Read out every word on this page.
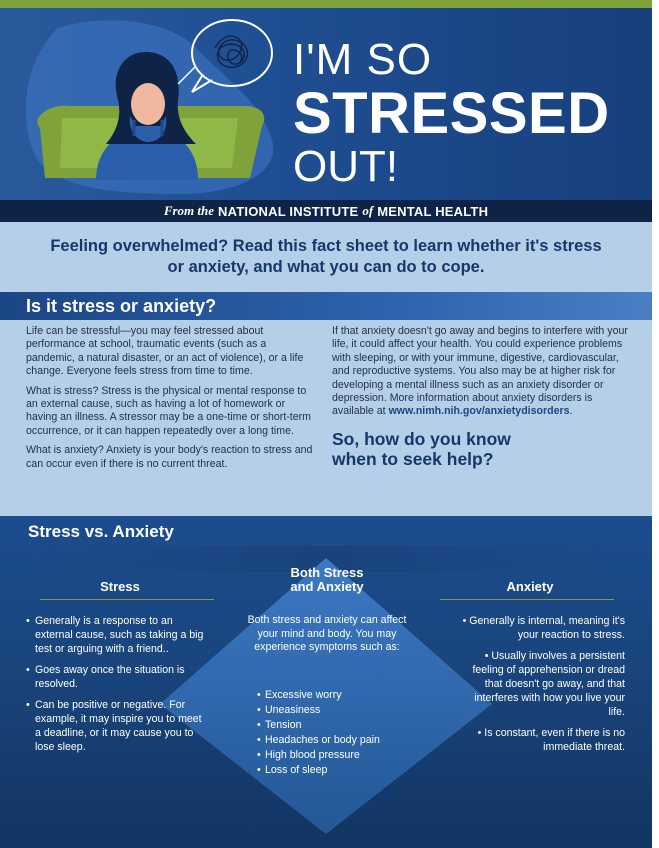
I'M SO
STRESSED
OUT!
From the NATIONAL INSTITUTE of MENTAL HEALTH

Feeling overwhelmed? Read this fact sheet to learn whether it's stress or anxiety, and what you can do to cope.

Is it stress or anxiety?

Life can be stressful—you may feel stressed about performance at school, traumatic events (such as a pandemic, a natural disaster, or an act of violence), or a life change. Everyone feels stress from time to time.

What is stress? Stress is the physical or mental response to an external cause, such as having a lot of homework or having an illness. A stressor may be a one-time or short-term occurrence, or it can happen repeatedly over a long time.

What is anxiety? Anxiety is your body's reaction to stress and can occur even if there is no current threat.

If that anxiety doesn't go away and begins to interfere with your life, it could affect your health. You could experience problems with sleeping, or with your immune, digestive, cardiovascular, and reproductive systems. You also may be at higher risk for developing a mental illness such as an anxiety disorder or depression. More information about anxiety disorders is available at www.nimh.nih.gov/anxietydisorders.

So, how do you know
when to seek help?
Stress vs. Anxiety
Stress	Anxiety
Both Stress
and Anxiety
Both stress and anxiety can affect your mind and body. You may experience symptoms such as:
• Generally is a response to an external cause, such as taking a big test or arguing with a friend..
• Goes away once the situation is resolved.
• Can be positive or negative. For example, it may inspire you to meet a deadline, or it may cause you to lose sleep.
• Excessive worry
• Uneasiness
• Tension
• Headaches or body pain
• High blood pressure
• Loss of sleep
• Generally is internal, meaning it's your reaction to stress.
• Usually involves a persistent feeling of apprehension or dread that doesn't go away, and that interferes with how you live your life.
• Is constant, even if there is no immediate threat.
